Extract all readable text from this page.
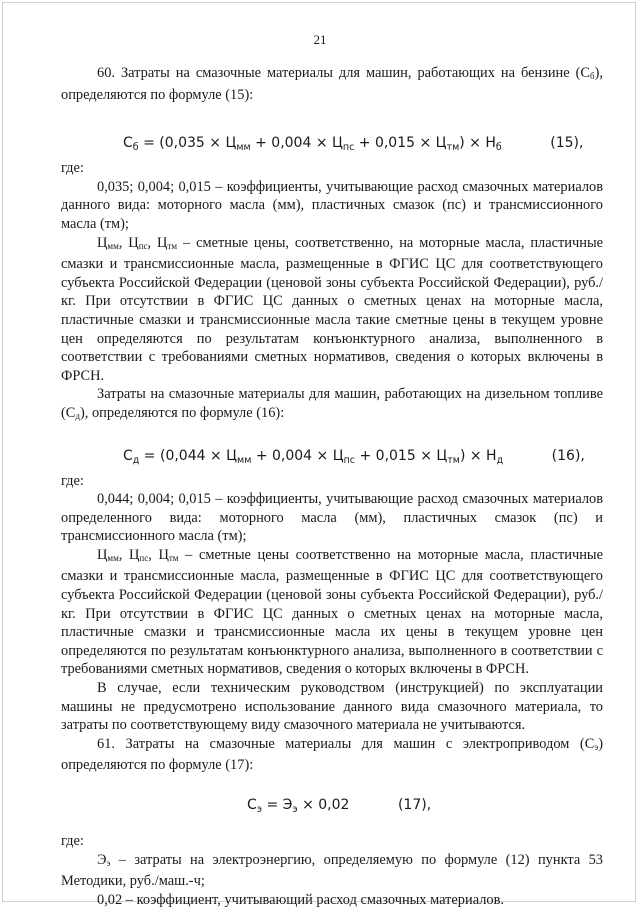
21

60. Затраты на смазочные материалы для машин, работающих на бензине (Сб), определяются по формуле (15):

$С_б = (0,035 \times Ц_{мм} + 0,004 \times Ц_{пс} + 0,015 \times Ц_{тм}) \times Н_б$	(15),

где:

0,035; 0,004; 0,015 – коэффициенты, учитывающие расход смазочных материалов данного вида: моторного масла (мм), пластичных смазок (пс) и трансмиссионного масла (тм);

Цмм, Цпс, Цтм – сметные цены, соответственно, на моторные масла, пластичные смазки и трансмиссионные масла, размещенные в ФГИС ЦС для соответствующего субъекта Российской Федерации (ценовой зоны субъекта Российской Федерации), руб./кг. При отсутствии в ФГИС ЦС данных о сметных ценах на моторные масла, пластичные смазки и трансмиссионные масла такие сметные цены в текущем уровне цен определяются по результатам конъюнктурного анализа, выполненного в соответствии с требованиями сметных нормативов, сведения о которых включены в ФРСН.

Затраты на смазочные материалы для машин, работающих на дизельном топливе (Сд), определяются по формуле (16):

$С_д = (0,044 \times Ц_{мм} + 0,004 \times Ц_{пс} + 0,015 \times Ц_{тм}) \times Н_д$	(16),

где:

0,044; 0,004; 0,015 – коэффициенты, учитывающие расход смазочных материалов определенного вида: моторного масла (мм), пластичных смазок (пс) и трансмиссионного масла (тм);

Цмм, Цпс, Цтм – сметные цены соответственно на моторные масла, пластичные смазки и трансмиссионные масла, размещенные в ФГИС ЦС для соответствующего субъекта Российской Федерации (ценовой зоны субъекта Российской Федерации), руб./кг. При отсутствии в ФГИС ЦС данных о сметных ценах на моторные масла, пластичные смазки и трансмиссионные масла их цены в текущем уровне цен определяются по результатам конъюнктурного анализа, выполненного в соответствии с требованиями сметных нормативов, сведения о которых включены в ФРСН.

В случае, если техническим руководством (инструкцией) по эксплуатации машины не предусмотрено использование данного вида смазочного материала, то затраты по соответствующему виду смазочного материала не учитываются.

61. Затраты на смазочные материалы для машин с электроприводом (Сэ) определяются по формуле (17):

$С_э = Э_э \times 0,02$	(17),

где:

Ээ – затраты на электроэнергию, определяемую по формуле (12) пункта 53 Методики, руб./маш.-ч;

0,02 – коэффициент, учитывающий расход смазочных материалов.
